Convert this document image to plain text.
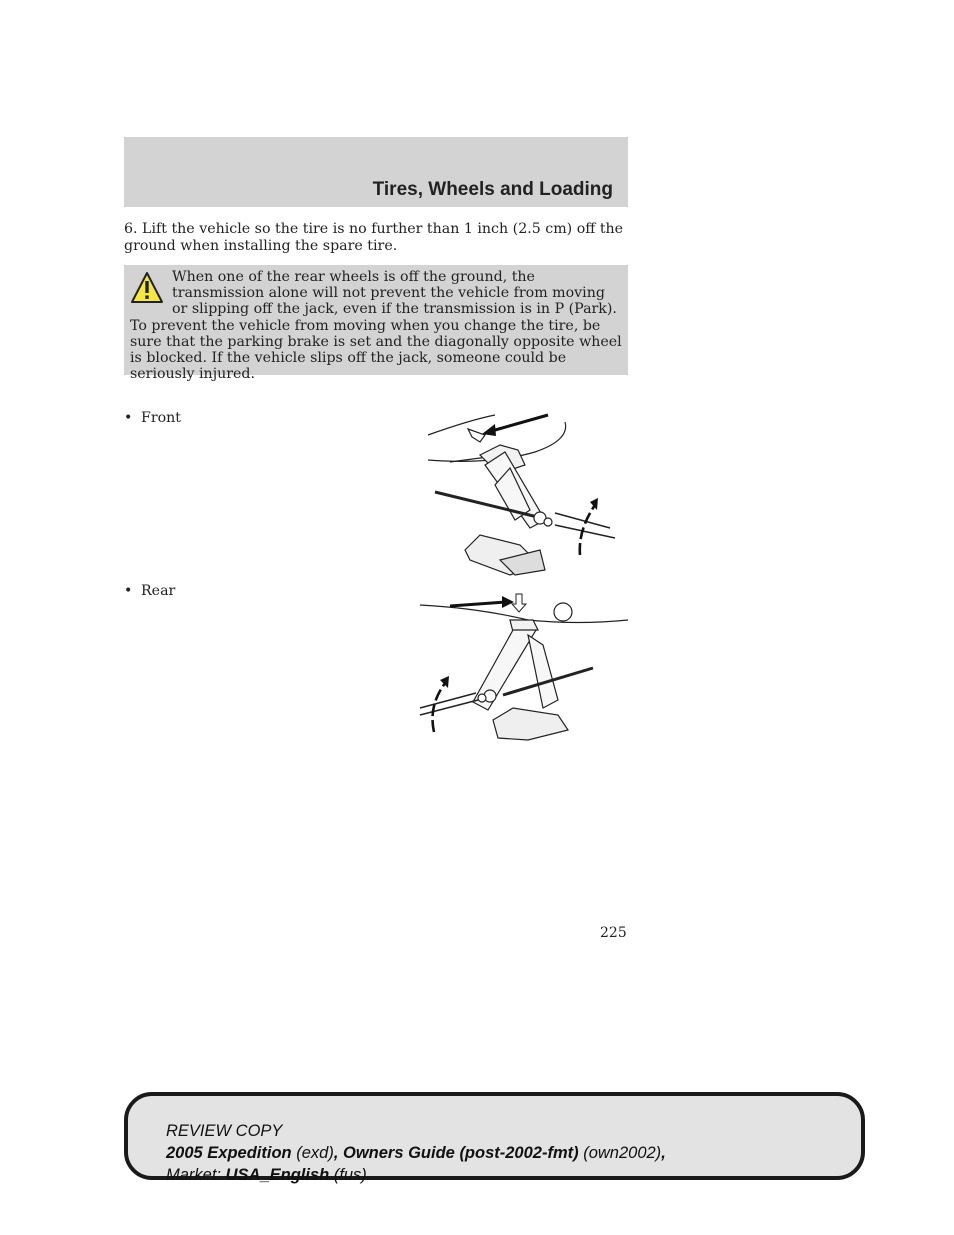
Tires, Wheels and Loading

6. Lift the vehicle so the tire is no further than 1 inch (2.5 cm) off the ground when installing the spare tire.

When one of the rear wheels is off the ground, the transmission alone will not prevent the vehicle from moving or slipping off the jack, even if the transmission is in P (Park). To prevent the vehicle from moving when you change the tire, be sure that the parking brake is set and the diagonally opposite wheel is blocked. If the vehicle slips off the jack, someone could be seriously injured.

• Front
• Rear
225
REVIEW COPY
2005 Expedition (exd), Owners Guide (post-2002-fmt) (own2002),
Market: USA_English (fus)
